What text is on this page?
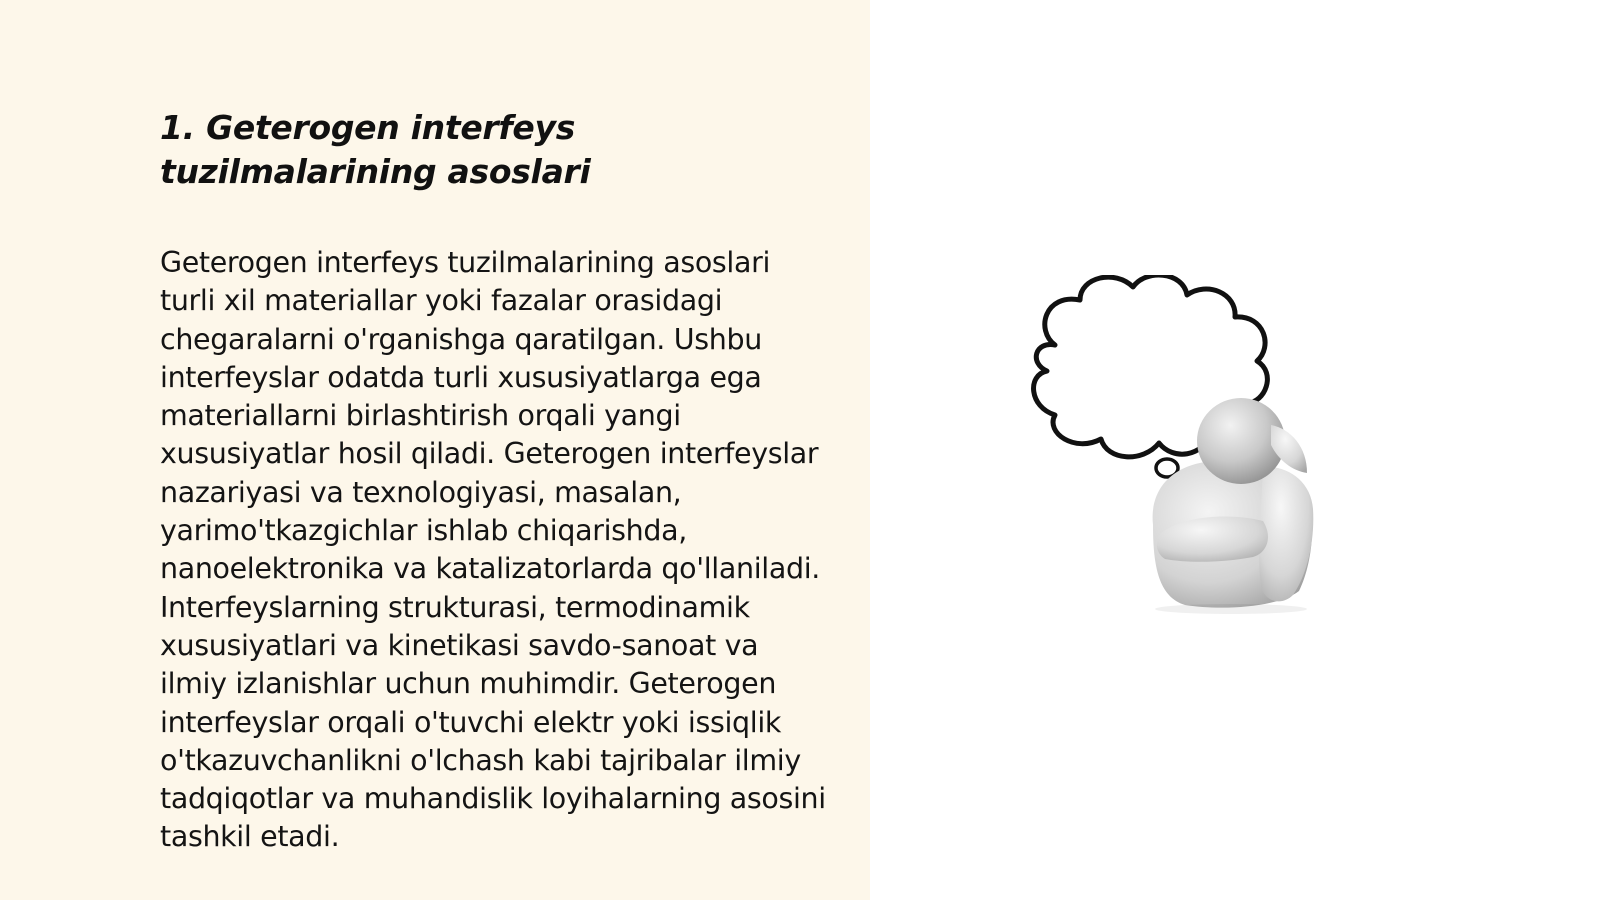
1. Geterogen interfeys tuzilmalarining asoslari

Geterogen interfeys tuzilmalarining asoslari turli xil materiallar yoki fazalar orasidagi chegaralarni o'rganishga qaratilgan. Ushbu interfeyslar odatda turli xususiyatlarga ega materiallarni birlashtirish orqali yangi xususiyatlar hosil qiladi. Geterogen interfeyslar nazariyasi va texnologiyasi, masalan, yarimo'tkazgichlar ishlab chiqarishda, nanoelektronika va katalizatorlarda qo'llaniladi. Interfeyslarning strukturasi, termodinamik xususiyatlari va kinetikasi savdo-sanoat va ilmiy izlanishlar uchun muhimdir. Geterogen interfeyslar orqali o'tuvchi elektr yoki issiqlik o'tkazuvchanlikni o'lchash kabi tajribalar ilmiy tadqiqotlar va muhandislik loyihalarning asosini tashkil etadi.
